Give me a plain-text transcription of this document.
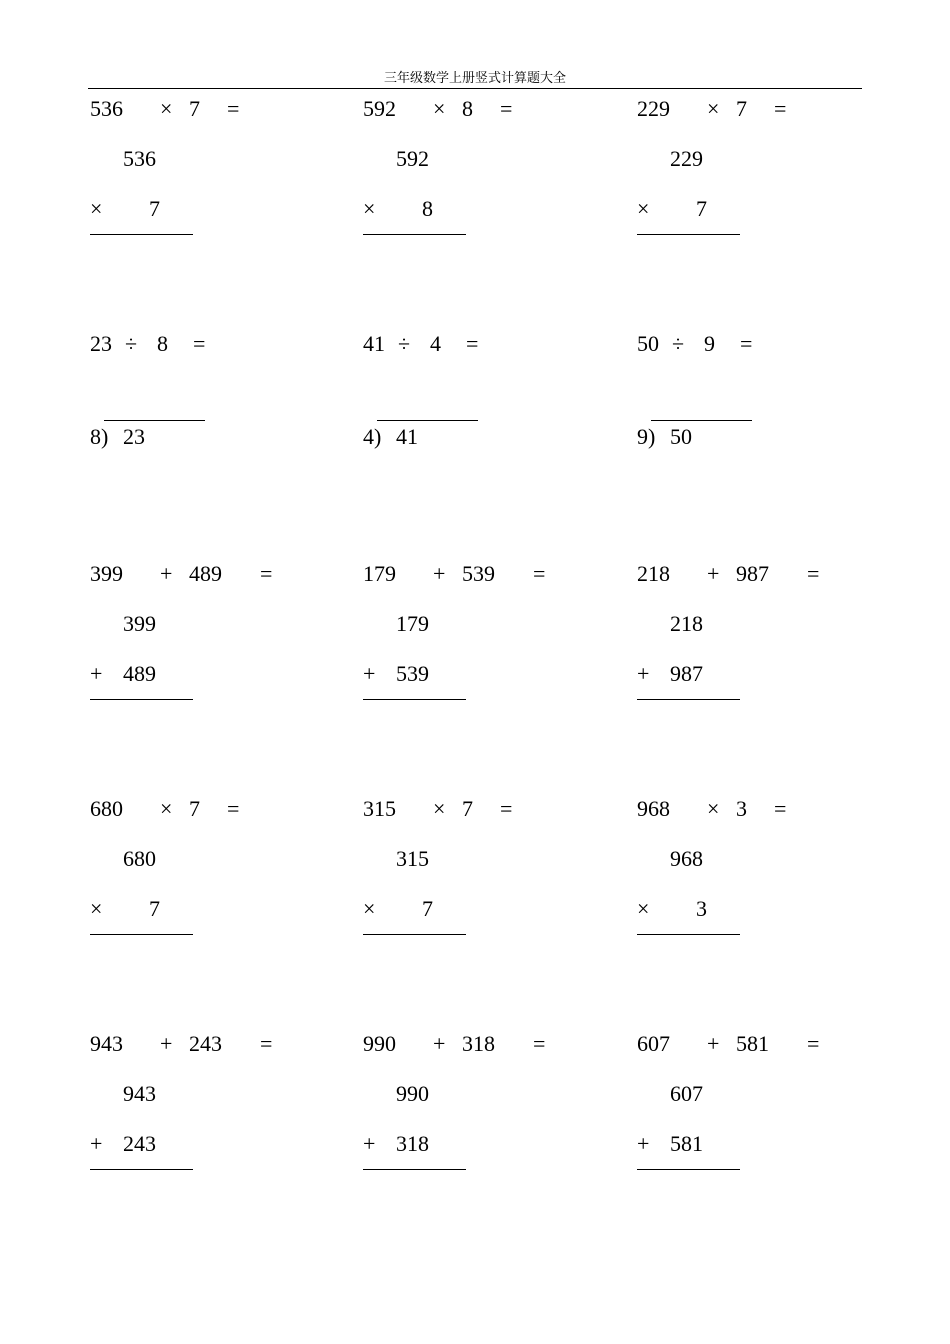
三年级数学上册竖式计算题大全
536 × 7 =
536
× 7
592 × 8 =
592
× 8
229 × 7 =
229
× 7
23 ÷ 8 =
8) 23
41 ÷ 4 =
4) 41
50 ÷ 9 =
9) 50
399 + 489 =
399
+ 489
179 + 539 =
179
+ 539
218 + 987 =
218
+ 987
680 × 7 =
680
× 7
315 × 7 =
315
× 7
968 × 3 =
968
× 3
943 + 243 =
943
+ 243
990 + 318 =
990
+ 318
607 + 581 =
607
+ 581
